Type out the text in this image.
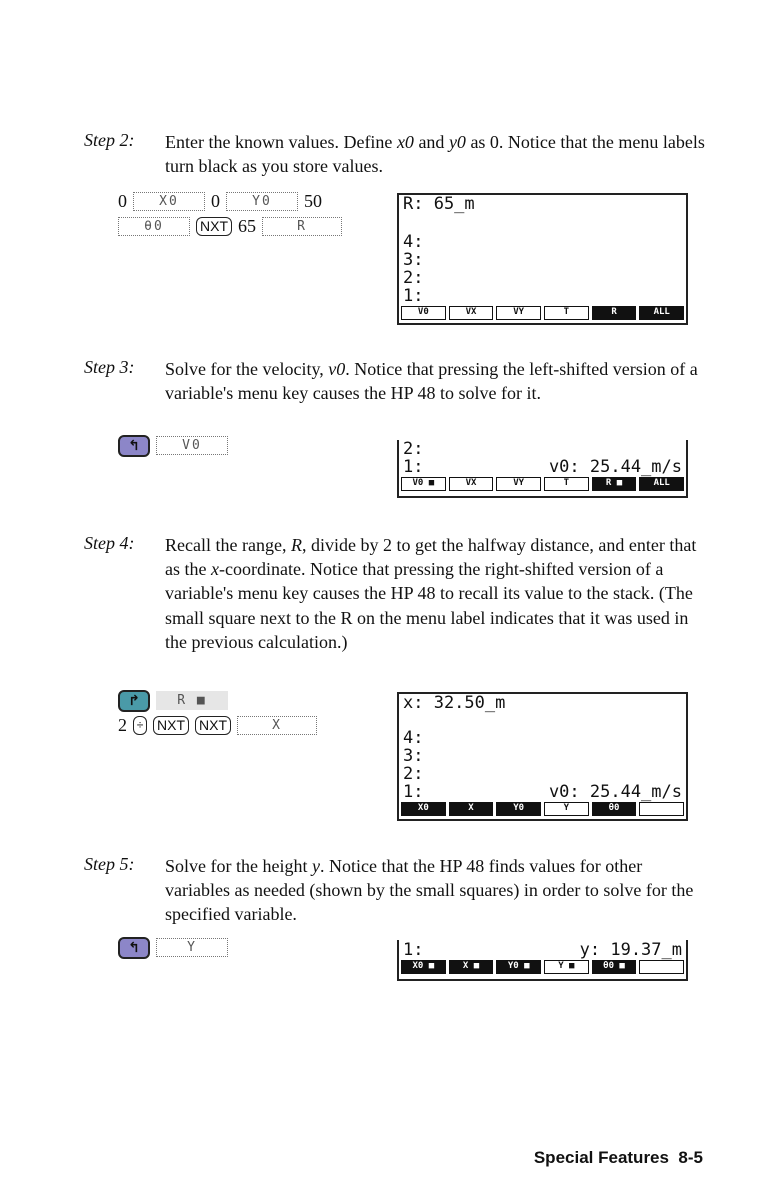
Step 2: Enter the known values. Define x0 and y0 as 0. Notice that the menu labels turn black as you store values.
0	X0	0	Y0	50
θ0	NXT 65	R
R: 65_m
4:
3:
2:
1:
V0	VX	VY	T	R	ALL
Step 3: Solve for the velocity, v0. Notice that pressing the left-shifted version of a variable's menu key causes the HP 48 to solve for it.
↰	V0	2:
1:	v0: 25.44_m/s
V0 ■	VX	VY	T	R ■	ALL
Step 4: Recall the range, R, divide by 2 to get the halfway distance, and enter that as the x-coordinate. Notice that pressing the right-shifted version of a variable's menu key causes the HP 48 to recall its value to the stack. (The small square next to the R on the menu label indicates that it was used in the previous calculation.)
↱	R ■
2 ÷ NXT NXT	X
x: 32.50_m
4:
3:
2:
1:	v0: 25.44_m/s
X0	X	Y0	Y	θ0
Step 5: Solve for the height y. Notice that the HP 48 finds values for other variables as needed (shown by the small squares) in order to solve for the specified variable.
↰	Y	1:	y: 19.37_m
X0 ■	X ■	Y0 ■	Y ■	θ0 ■
Special Features 8-5
